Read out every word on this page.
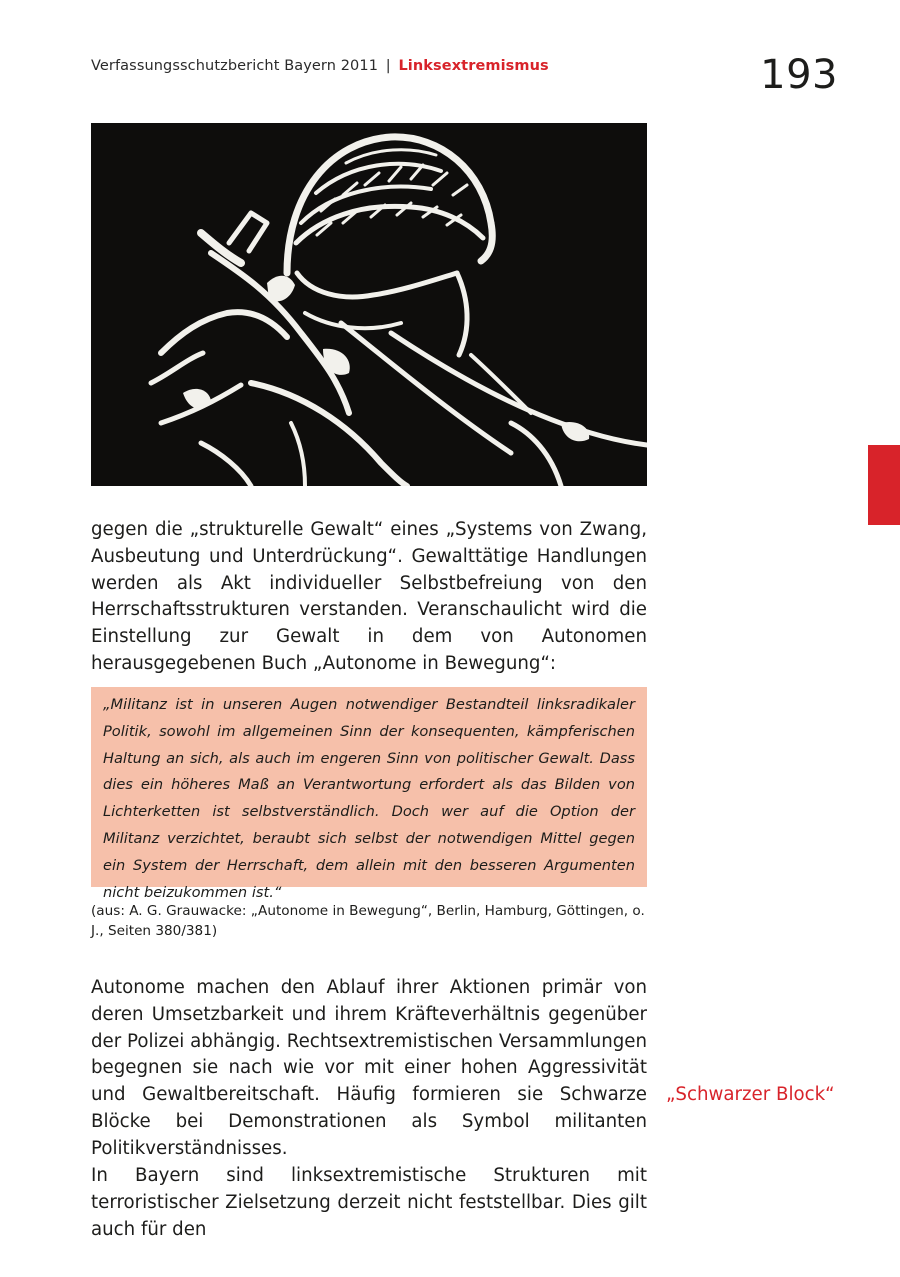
Verfassungsschutzbericht Bayern 2011 | Linksextremismus	193

gegen die „strukturelle Gewalt“ eines „Systems von Zwang, Ausbeutung und Unterdrückung“. Gewalttätige Handlungen werden als Akt individueller Selbstbefreiung von den Herrschaftsstrukturen verstanden. Veranschaulicht wird die Einstellung zur Gewalt in dem von Autonomen herausgegebenen Buch „Autonome in Bewegung“:

„Militanz ist in unseren Augen notwendiger Bestandteil linksradikaler Politik, sowohl im allgemeinen Sinn der konsequenten, kämpferischen Haltung an sich, als auch im engeren Sinn von politischer Gewalt. Dass dies ein höheres Maß an Verantwortung erfordert als das Bilden von Lichterketten ist selbstverständlich. Doch wer auf die Option der Militanz verzichtet, beraubt sich selbst der notwendigen Mittel gegen ein System der Herrschaft, dem allein mit den besseren Argumenten nicht beizukommen ist.“

(aus: A. G. Grauwacke: „Autonome in Bewegung“, Berlin, Hamburg, Göttingen, o. J., Seiten 380/381)

Autonome machen den Ablauf ihrer Aktionen primär von deren Umsetzbarkeit und ihrem Kräfteverhältnis gegenüber der Polizei abhängig. Rechtsextremistischen Versammlungen begegnen sie nach wie vor mit einer hohen Aggressivität und Gewaltbereitschaft. Häufig formieren sie Schwarze Blöcke bei Demonstrationen als Symbol militanten Politikverständnisses.

„Schwarzer Block“

In Bayern sind linksextremistische Strukturen mit terroristischer Zielsetzung derzeit nicht feststellbar. Dies gilt auch für den
